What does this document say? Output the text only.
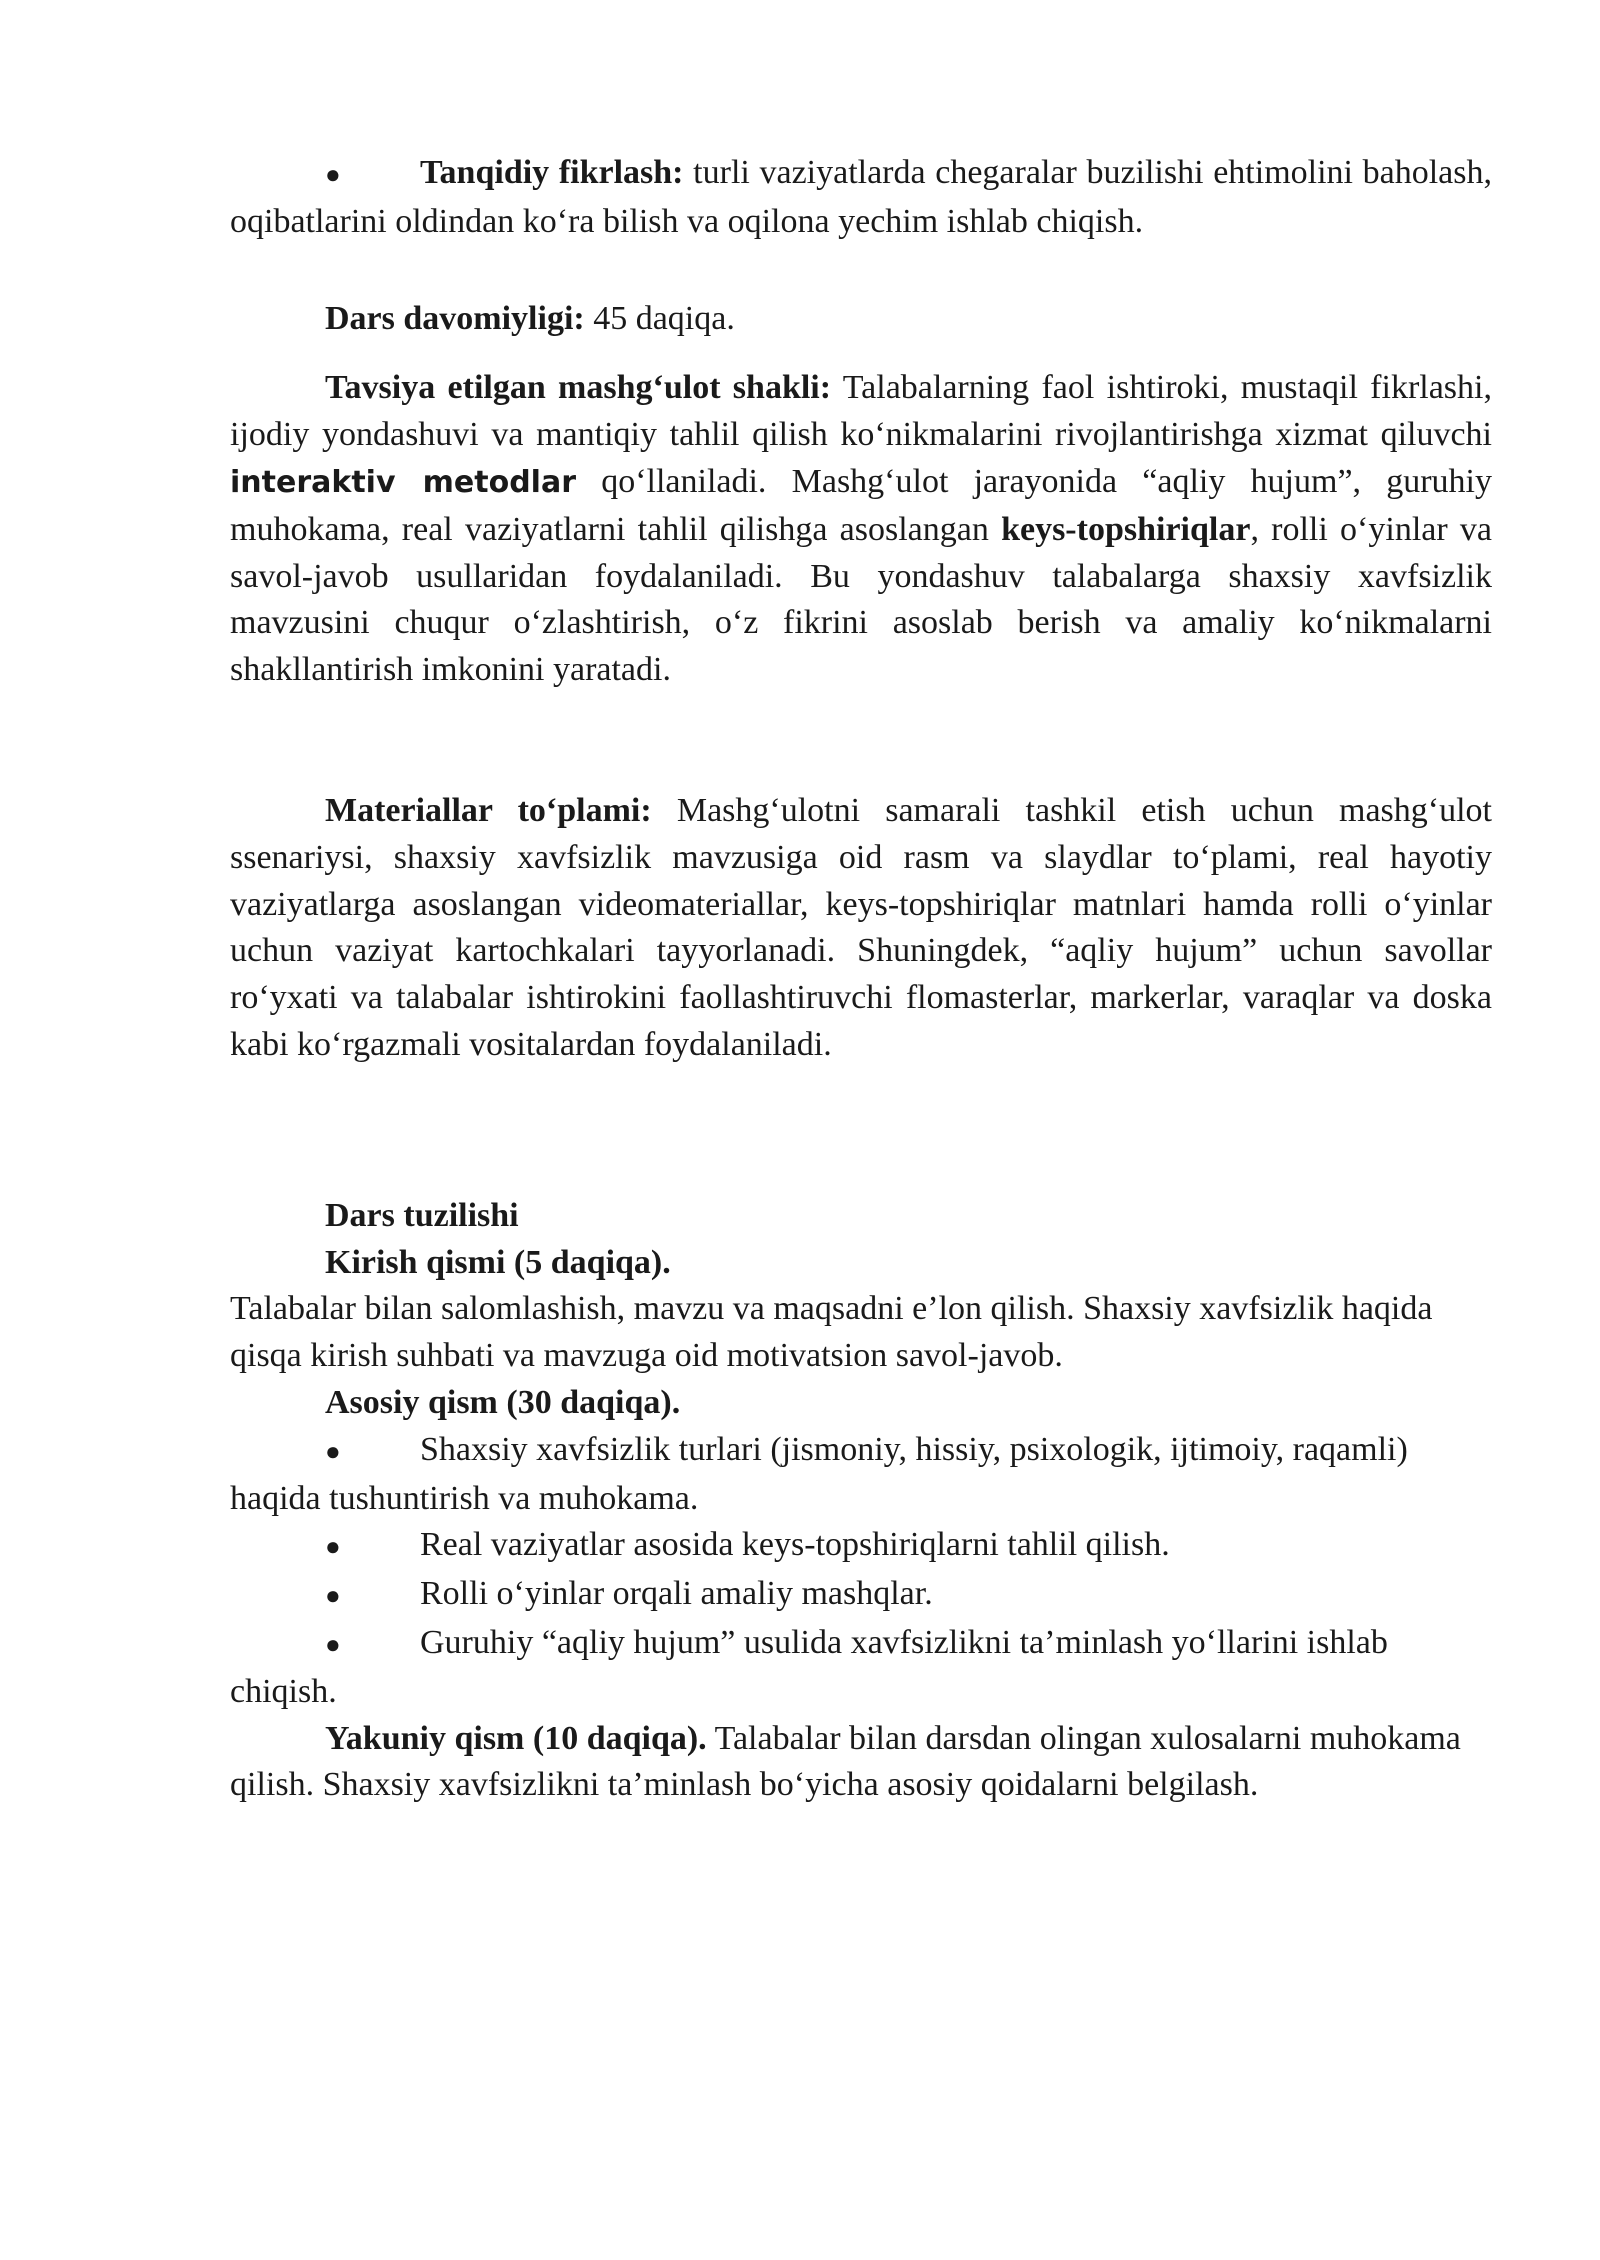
● Tanqidiy fikrlash: turli vaziyatlarda chegaralar buzilishi ehtimolini baholash, oqibatlarini oldindan ko‘ra bilish va oqilona yechim ishlab chiqish.

Dars davomiyligi: 45 daqiqa.

Tavsiya etilgan mashg‘ulot shakli: Talabalarning faol ishtiroki, mustaqil fikrlashi, ijodiy yondashuvi va mantiqiy tahlil qilish ko‘nikmalarini rivojlantirishga xizmat qiluvchi interaktiv metodlar qo‘llaniladi. Mashg‘ulot jarayonida “aqliy hujum”, guruhiy muhokama, real vaziyatlarni tahlil qilishga asoslangan keys-topshiriqlar, rolli o‘yinlar va savol-javob usullaridan foydalaniladi. Bu yondashuv talabalarga shaxsiy xavfsizlik mavzusini chuqur o‘zlashtirish, o‘z fikrini asoslab berish va amaliy ko‘nikmalarni shakllantirish imkonini yaratadi.

Materiallar to‘plami: Mashg‘ulotni samarali tashkil etish uchun mashg‘ulot ssenariysi, shaxsiy xavfsizlik mavzusiga oid rasm va slaydlar to‘plami, real hayotiy vaziyatlarga asoslangan videomateriallar, keys-topshiriqlar matnlari hamda rolli o‘yinlar uchun vaziyat kartochkalari tayyorlanadi. Shuningdek, “aqliy hujum” uchun savollar ro‘yxati va talabalar ishtirokini faollashtiruvchi flomasterlar, markerlar, varaqlar va doska kabi ko‘rgazmali vositalardan foydalaniladi.

Dars tuzilishi

Kirish qismi (5 daqiqa).

Talabalar bilan salomlashish, mavzu va maqsadni e’lon qilish. Shaxsiy xavfsizlik haqida qisqa kirish suhbati va mavzuga oid motivatsion savol-javob.

Asosiy qism (30 daqiqa).

● Shaxsiy xavfsizlik turlari (jismoniy, hissiy, psixologik, ijtimoiy, raqamli) haqida tushuntirish va muhokama.

● Real vaziyatlar asosida keys-topshiriqlarni tahlil qilish.

● Rolli o‘yinlar orqali amaliy mashqlar.

● Guruhiy “aqliy hujum” usulida xavfsizlikni ta’minlash yo‘llarini ishlab chiqish.

Yakuniy qism (10 daqiqa). Talabalar bilan darsdan olingan xulosalarni muhokama qilish. Shaxsiy xavfsizlikni ta’minlash bo‘yicha asosiy qoidalarni belgilash.
